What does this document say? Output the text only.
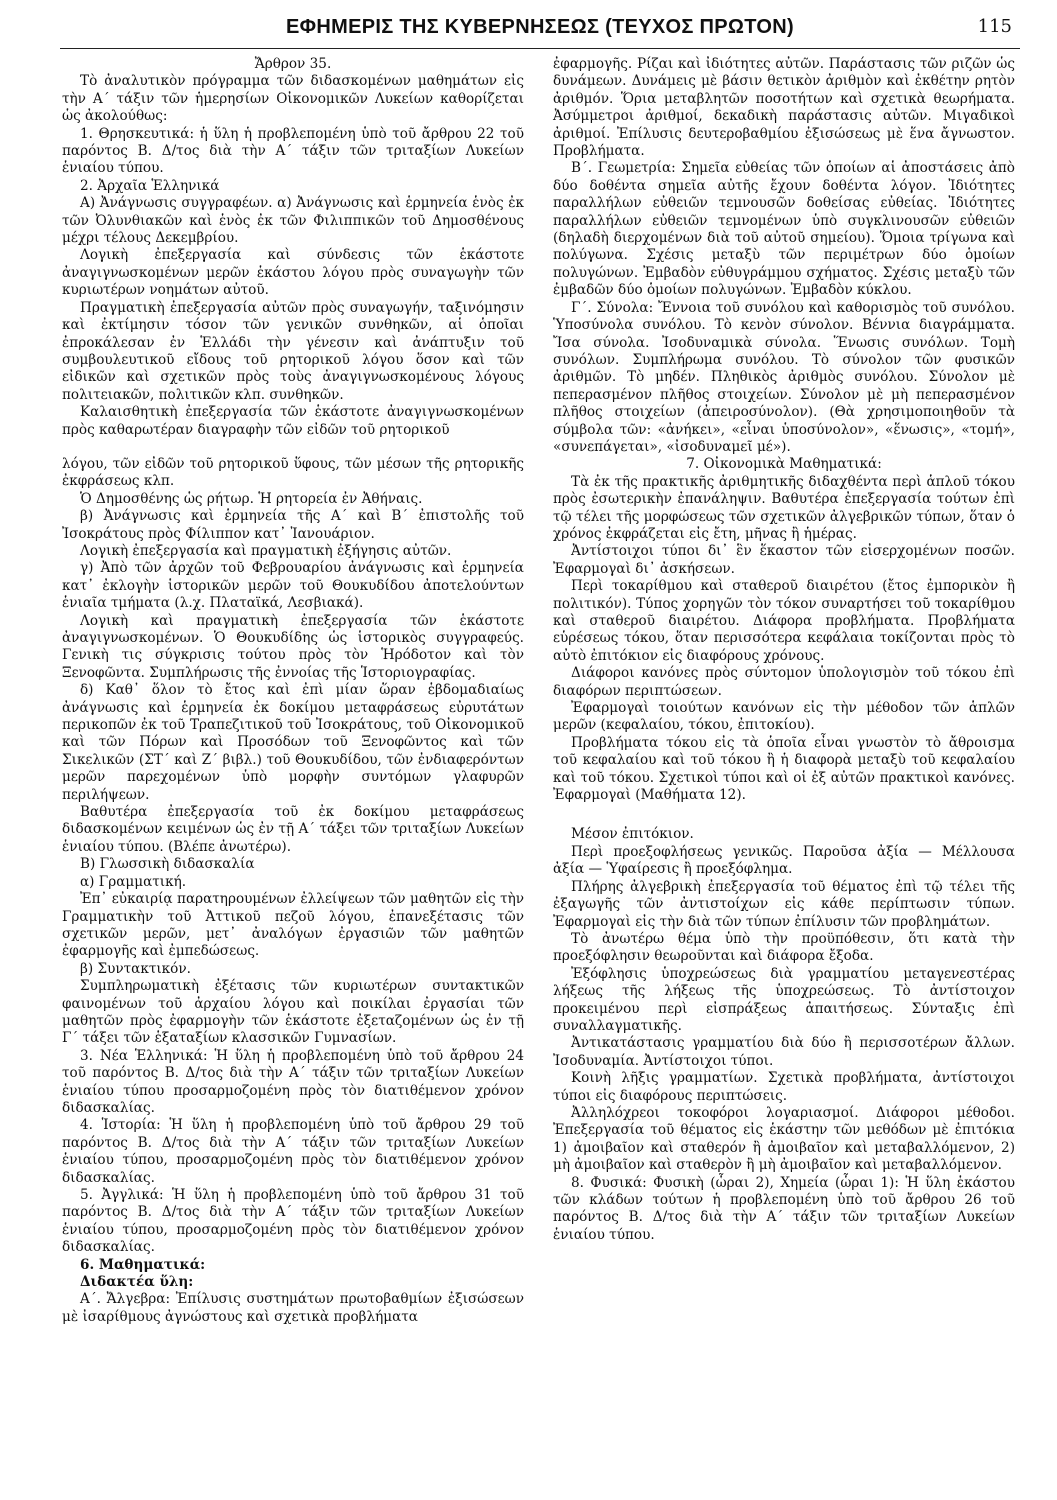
ΕΦΗΜΕΡΙΣ ΤΗΣ ΚΥΒΕΡΝΗΣΕΩΣ (ΤΕΥΧΟΣ ΠΡΩΤΟΝ)	115

Ἄρθρον 35.

Τὸ ἀναλυτικὸν πρόγραμμα τῶν διδασκομένων μαθημάτων εἰς τὴν Α΄ τάξιν τῶν ἡμερησίων Οἰκονομικῶν Λυκείων καθορίζεται ὡς ἀκολούθως:

1. Θρησκευτικά: ἡ ὕλη ἡ προβλεπομένη ὑπὸ τοῦ ἄρθρου 22 τοῦ παρόντος Β. Δ/τος διὰ τὴν Α΄ τάξιν τῶν τριταξίων Λυκείων ἑνιαίου τύπου.

2. Ἀρχαῖα Ἑλληνικά

Α) Ἀνάγνωσις συγγραφέων. α) Ἀνάγνωσις καὶ ἑρμηνεία ἑνὸς ἐκ τῶν Ὀλυνθιακῶν καὶ ἑνὸς ἐκ τῶν Φιλιππικῶν τοῦ Δημοσθένους μέχρι τέλους Δεκεμβρίου.

Λογικὴ ἐπεξεργασία καὶ σύνδεσις τῶν ἑκάστοτε ἀναγιγνωσκομένων μερῶν ἑκάστου λόγου πρὸς συναγωγὴν τῶν κυριωτέρων νοημάτων αὐτοῦ.

Πραγματικὴ ἐπεξεργασία αὐτῶν πρὸς συναγωγήν, ταξινόμησιν καὶ ἐκτίμησιν τόσον τῶν γενικῶν συνθηκῶν, αἱ ὁποῖαι ἐπροκάλεσαν ἐν Ἑλλάδι τὴν γένεσιν καὶ ἀνάπτυξιν τοῦ συμβουλευτικοῦ εἴδους τοῦ ρητορικοῦ λόγου ὅσον καὶ τῶν εἰδικῶν καὶ σχετικῶν πρὸς τοὺς ἀναγιγνωσκομένους λόγους πολιτειακῶν, πολιτικῶν κλπ. συνθηκῶν.

Καλαισθητικὴ ἐπεξεργασία τῶν ἑκάστοτε ἀναγιγνωσκομένων πρὸς καθαρωτέραν διαγραφὴν τῶν εἰδῶν τοῦ ρητορικοῦ

λόγου, τῶν εἰδῶν τοῦ ρητορικοῦ ὕφους, τῶν μέσων τῆς ρητορικῆς ἐκφράσεως κλπ.

Ὁ Δημοσθένης ὡς ρήτωρ. Ἡ ρητορεία ἐν Ἀθήναις.

β) Ἀνάγνωσις καὶ ἑρμηνεία τῆς Α΄ καὶ Β΄ ἐπιστολῆς τοῦ Ἰσοκράτους πρὸς Φίλιππον κατ᾽ Ἰανουάριον.

Λογικὴ ἐπεξεργασία καὶ πραγματικὴ ἐξήγησις αὐτῶν.

γ) Ἀπὸ τῶν ἀρχῶν τοῦ Φεβρουαρίου ἀνάγνωσις καὶ ἑρμηνεία κατ᾽ ἐκλογὴν ἱστορικῶν μερῶν τοῦ Θουκυδίδου ἀποτελούντων ἑνιαῖα τμήματα (λ.χ. Πλαταϊκά, Λεσβιακά).

Λογικὴ καὶ πραγματικὴ ἐπεξεργασία τῶν ἑκάστοτε ἀναγιγνωσκομένων. Ὁ Θουκυδίδης ὡς ἱστορικὸς συγγραφεύς. Γενικὴ τις σύγκρισις τούτου πρὸς τὸν Ἡρόδοτον καὶ τὸν Ξενοφῶντα. Συμπλήρωσις τῆς ἐννοίας τῆς Ἱστοριογραφίας.

δ) Καθ᾽ ὅλον τὸ ἔτος καὶ ἐπὶ μίαν ὥραν ἑβδομαδιαίως ἀνάγνωσις καὶ ἑρμηνεία ἐκ δοκίμου μεταφράσεως εὐρυτάτων περικοπῶν ἐκ τοῦ Τραπεζιτικοῦ τοῦ Ἰσοκράτους, τοῦ Οἰκονομικοῦ καὶ τῶν Πόρων καὶ Προσόδων τοῦ Ξενοφῶντος καὶ τῶν Σικελικῶν (ΣΤ΄ καὶ Ζ΄ βιβλ.) τοῦ Θουκυδίδου, τῶν ἐνδιαφερόντων μερῶν παρεχομένων ὑπὸ μορφὴν συντόμων γλαφυρῶν περιλήψεων.

Βαθυτέρα ἐπεξεργασία τοῦ ἐκ δοκίμου μεταφράσεως διδασκομένων κειμένων ὡς ἐν τῇ Α΄ τάξει τῶν τριταξίων Λυκείων ἑνιαίου τύπου. (Βλέπε ἀνωτέρω).

Β) Γλωσσικὴ διδασκαλία

α) Γραμματική.

Ἐπ᾽ εὐκαιρίᾳ παρατηρουμένων ἐλλείψεων τῶν μαθητῶν εἰς τὴν Γραμματικὴν τοῦ Ἀττικοῦ πεζοῦ λόγου, ἐπανεξέτασις τῶν σχετικῶν μερῶν, μετ᾽ ἀναλόγων ἐργασιῶν τῶν μαθητῶν ἐφαρμογῆς καὶ ἐμπεδώσεως.

β) Συντακτικόν.

Συμπληρωματικὴ ἐξέτασις τῶν κυριωτέρων συντακτικῶν φαινομένων τοῦ ἀρχαίου λόγου καὶ ποικίλαι ἐργασίαι τῶν μαθητῶν πρὸς ἐφαρμογὴν τῶν ἑκάστοτε ἐξεταζομένων ὡς ἐν τῇ Γ΄ τάξει τῶν ἑξαταξίων κλασσικῶν Γυμνασίων.

3. Νέα Ἑλληνικά: Ἡ ὕλη ἡ προβλεπομένη ὑπὸ τοῦ ἄρθρου 24 τοῦ παρόντος Β. Δ/τος διὰ τὴν Α΄ τάξιν τῶν τριταξίων Λυκείων ἑνιαίου τύπου προσαρμοζομένη πρὸς τὸν διατιθέμενον χρόνον διδασκαλίας.

4. Ἱστορία: Ἡ ὕλη ἡ προβλεπομένη ὑπὸ τοῦ ἄρθρου 29 τοῦ παρόντος Β. Δ/τος διὰ τὴν Α΄ τάξιν τῶν τριταξίων Λυκείων ἑνιαίου τύπου, προσαρμοζομένη πρὸς τὸν διατιθέμενον χρόνον διδασκαλίας.

5. Ἀγγλικά: Ἡ ὕλη ἡ προβλεπομένη ὑπὸ τοῦ ἄρθρου 31 τοῦ παρόντος Β. Δ/τος διὰ τὴν Α΄ τάξιν τῶν τριταξίων Λυκείων ἑνιαίου τύπου, προσαρμοζομένη πρὸς τὸν διατιθέμενον χρόνον διδασκαλίας.

6. Μαθηματικά:

Διδακτέα ὕλη:

Α΄. Ἄλγεβρα: Ἐπίλυσις συστημάτων πρωτοβαθμίων ἐξισώσεων μὲ ἰσαρίθμους ἀγνώστους καὶ σχετικὰ προβλήματα

ἐφαρμογῆς. Ρίζαι καὶ ἰδιότητες αὐτῶν. Παράστασις τῶν ριζῶν ὡς δυνάμεων. Δυνάμεις μὲ βάσιν θετικὸν ἀριθμὸν καὶ ἐκθέτην ρητὸν ἀριθμόν. Ὅρια μεταβλητῶν ποσοτήτων καὶ σχετικὰ θεωρήματα. Ἀσύμμετροι ἀριθμοί, δεκαδικὴ παράστασις αὐτῶν. Μιγαδικοὶ ἀριθμοί. Ἐπίλυσις δευτεροβαθμίου ἐξισώσεως μὲ ἕνα ἄγνωστον. Προβλήματα.

Β΄. Γεωμετρία: Σημεῖα εὐθείας τῶν ὁποίων αἱ ἀποστάσεις ἀπὸ δύο δοθέντα σημεῖα αὐτῆς ἔχουν δοθέντα λόγον. Ἰδιότητες παραλλήλων εὐθειῶν τεμνουσῶν δοθείσας εὐθείας. Ἰδιότητες παραλλήλων εὐθειῶν τεμνομένων ὑπὸ συγκλινουσῶν εὐθειῶν (δηλαδὴ διερχομένων διὰ τοῦ αὐτοῦ σημείου). Ὅμοια τρίγωνα καὶ πολύγωνα. Σχέσις μεταξὺ τῶν περιμέτρων δύο ὁμοίων πολυγώνων. Ἐμβαδὸν εὐθυγράμμου σχήματος. Σχέσις μεταξὺ τῶν ἐμβαδῶν δύο ὁμοίων πολυγώνων. Ἐμβαδὸν κύκλου.

Γ΄. Σύνολα: Ἔννοια τοῦ συνόλου καὶ καθορισμὸς τοῦ συνόλου. Ὑποσύνολα συνόλου. Τὸ κενὸν σύνολον. Βέννια διαγράμματα. Ἴσα σύνολα. Ἰσοδυναμικὰ σύνολα. Ἕνωσις συνόλων. Τομὴ συνόλων. Συμπλήρωμα συνόλου. Τὸ σύνολον τῶν φυσικῶν ἀριθμῶν. Τὸ μηδέν. Πληθικὸς ἀριθμὸς συνόλου. Σύνολον μὲ πεπερασμένον πλῆθος στοιχείων. Σύνολον μὲ μὴ πεπερασμένον πλῆθος στοιχείων (ἀπειροσύνολον). (Θὰ χρησιμοποιηθοῦν τὰ σύμβολα τῶν: «ἀνήκει», «εἶναι ὑποσύνολον», «ἕνωσις», «τομή», «συνεπάγεται», «ἰσοδυναμεῖ μέ»).

7. Οἰκονομικὰ Μαθηματικά:

Τὰ ἐκ τῆς πρακτικῆς ἀριθμητικῆς διδαχθέντα περὶ ἁπλοῦ τόκου πρὸς ἐσωτερικὴν ἐπανάληψιν. Βαθυτέρα ἐπεξεργασία τούτων ἐπὶ τῷ τέλει τῆς μορφώσεως τῶν σχετικῶν ἀλγεβρικῶν τύπων, ὅταν ὁ χρόνος ἐκφράζεται εἰς ἔτη, μῆνας ἢ ἡμέρας.

Ἀντίστοιχοι τύποι δι᾽ ἓν ἕκαστον τῶν εἰσερχομένων ποσῶν. Ἐφαρμογαὶ δι᾽ ἀσκήσεων.

Περὶ τοκαρίθμου καὶ σταθεροῦ διαιρέτου (ἔτος ἐμπορικὸν ἢ πολιτικόν). Τύπος χορηγῶν τὸν τόκον συναρτήσει τοῦ τοκαρίθμου καὶ σταθεροῦ διαιρέτου. Διάφορα προβλήματα. Προβλήματα εὑρέσεως τόκου, ὅταν περισσότερα κεφάλαια τοκίζονται πρὸς τὸ αὐτὸ ἐπιτόκιον εἰς διαφόρους χρόνους.

Διάφοροι κανόνες πρὸς σύντομον ὑπολογισμὸν τοῦ τόκου ἐπὶ διαφόρων περιπτώσεων.

Ἐφαρμογαὶ τοιούτων κανόνων εἰς τὴν μέθοδον τῶν ἁπλῶν μερῶν (κεφαλαίου, τόκου, ἐπιτοκίου).

Προβλήματα τόκου εἰς τὰ ὁποῖα εἶναι γνωστὸν τὸ ἄθροισμα τοῦ κεφαλαίου καὶ τοῦ τόκου ἢ ἡ διαφορὰ μεταξὺ τοῦ κεφαλαίου καὶ τοῦ τόκου. Σχετικοὶ τύποι καὶ οἱ ἐξ αὐτῶν πρακτικοὶ κανόνες. Ἐφαρμογαὶ (Μαθήματα 12).

Μέσον ἐπιτόκιον.

Περὶ προεξοφλήσεως γενικῶς. Παροῦσα ἀξία — Μέλλουσα ἀξία — Ὑφαίρεσις ἢ προεξόφλημα.

Πλήρης ἀλγεβρικὴ ἐπεξεργασία τοῦ θέματος ἐπὶ τῷ τέλει τῆς ἐξαγωγῆς τῶν ἀντιστοίχων εἰς κάθε περίπτωσιν τύπων. Ἐφαρμογαὶ εἰς τὴν διὰ τῶν τύπων ἐπίλυσιν τῶν προβλημάτων.

Τὸ ἀνωτέρω θέμα ὑπὸ τὴν προϋπόθεσιν, ὅτι κατὰ τὴν προεξόφλησιν θεωροῦνται καὶ διάφορα ἔξοδα.

Ἐξόφλησις ὑποχρεώσεως διὰ γραμματίου μεταγενεστέρας λήξεως τῆς λήξεως τῆς ὑποχρεώσεως. Τὸ ἀντίστοιχον προκειμένου περὶ εἰσπράξεως ἀπαιτήσεως. Σύνταξις ἐπὶ συναλλαγματικῆς.

Ἀντικατάστασις γραμματίου διὰ δύο ἢ περισσοτέρων ἄλλων. Ἰσοδυναμία. Ἀντίστοιχοι τύποι.

Κοινὴ λῆξις γραμματίων. Σχετικὰ προβλήματα, ἀντίστοιχοι τύποι εἰς διαφόρους περιπτώσεις.

Ἀλληλόχρεοι τοκοφόροι λογαριασμοί. Διάφοροι μέθοδοι. Ἐπεξεργασία τοῦ θέματος εἰς ἑκάστην τῶν μεθόδων μὲ ἐπιτόκια 1) ἀμοιβαῖον καὶ σταθερόν ἢ ἀμοιβαῖον καὶ μεταβαλλόμενον, 2) μὴ ἀμοιβαῖον καὶ σταθερὸν ἢ μὴ ἀμοιβαῖον καὶ μεταβαλλόμενον.

8. Φυσικά: Φυσικὴ (ὧραι 2), Χημεία (ὧραι 1): Ἡ ὕλη ἑκάστου τῶν κλάδων τούτων ἡ προβλεπομένη ὑπὸ τοῦ ἄρθρου 26 τοῦ παρόντος Β. Δ/τος διὰ τὴν Α΄ τάξιν τῶν τριταξίων Λυκείων ἑνιαίου τύπου.
